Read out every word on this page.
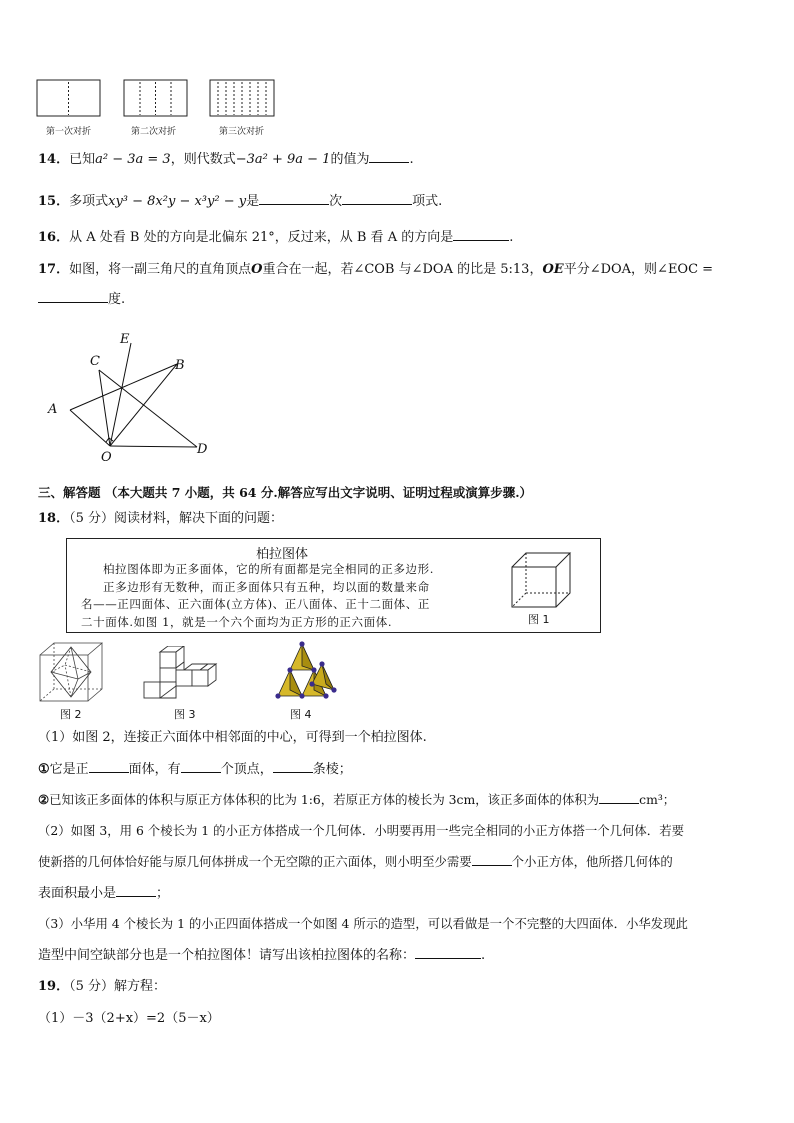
第一次对折	第二次对折	第三次对折
14．已知a² − 3a = 3，则代数式−3a² + 9a − 1的值为	.
15．多项式xy³ − 8x²y − x³y² − y是	次	项式.
16．从 A 处看 B 处的方向是北偏东 21°，反过来，从 B 看 A 的方向是	.
17．如图，将一副三角尺的直角顶点O重合在一起，若∠COB 与∠DOA 的比是 5:13，OE平分∠DOA，则∠EOC =
度.
E
C	B
A
O
D
三、解答题 （本大题共 7 小题，共 64 分.解答应写出文字说明、证明过程或演算步骤.）
18．（5 分）阅读材料，解决下面的问题：
柏拉图体
柏拉图体即为正多面体，它的所有面都是完全相同的正多边形.
正多边形有无数种，而正多面体只有五种，均以面的数量来命
名——正四面体、正六面体(立方体)、正八面体、正十二面体、正
二十面体.如图 1，就是一个六个面均为正方形的正六面体.	图 1
图 2	图 3	图 4
（1）如图 2，连接正六面体中相邻面的中心，可得到一个柏拉图体.
①它是正	面体，有	个顶点，	条棱；
②已知该正多面体的体积与原正方体体积的比为 1:6，若原正方体的棱长为 3cm，该正多面体的体积为	cm³；
（2）如图 3，用 6 个棱长为 1 的小正方体搭成一个几何体．小明要再用一些完全相同的小正方体搭一个几何体．若要
使新搭的几何体恰好能与原几何体拼成一个无空隙的正六面体，则小明至少需要	个小正方体，他所搭几何体的
表面积最小是	；
（3）小华用 4 个棱长为 1 的小正四面体搭成一个如图 4 所示的造型，可以看做是一个不完整的大四面体．小华发现此
造型中间空缺部分也是一个柏拉图体！请写出该柏拉图体的名称：	.
19．（5 分）解方程：
（1）－3（2+x）=2（5－x）
